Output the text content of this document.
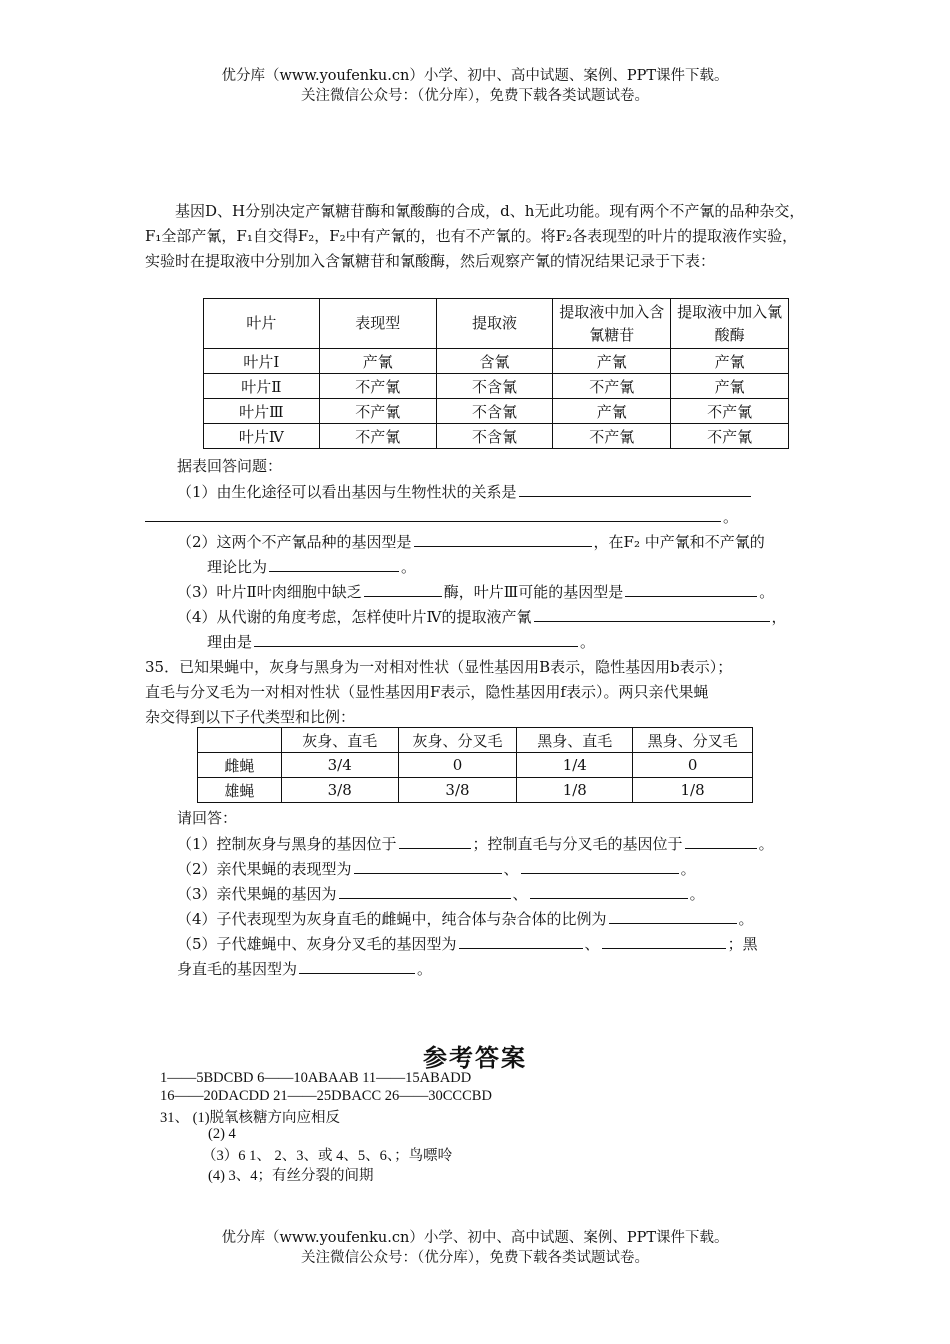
优分库（www.youfenku.cn）小学、初中、高中试题、案例、PPT课件下载。
关注微信公众号：（优分库），免费下载各类试题试卷。
基因D、H分别决定产氰糖苷酶和氰酸酶的合成，d、h无此功能。现有两个不产氰的品种杂交，F₁全部产氰，F₁自交得F₂，F₂中有产氰的，也有不产氰的。将F₂各表现型的叶片的提取液作实验，实验时在提取液中分别加入含氰糖苷和氰酸酶，然后观察产氰的情况结果记录于下表：
叶片	表现型	提取液	提取液中加入含氰糖苷	提取液中加入氰酸酶
叶片Ⅰ	产氰	含氰	产氰	产氰
叶片Ⅱ	不产氰	不含氰	不产氰	产氰
叶片Ⅲ	不产氰	不含氰	产氰	不产氰
叶片Ⅳ	不产氰	不含氰	不产氰	不产氰
据表回答问题：
（1）由生化途径可以看出基因与生物性状的关系是
。
（2）这两个不产氰品种的基因型是	，在F₂ 中产氰和不产氰的
理论比为	。
（3）叶片Ⅱ叶肉细胞中缺乏	酶，叶片Ⅲ可能的基因型是	。
（4）从代谢的角度考虑，怎样使叶片Ⅳ的提取液产氰	，
理由是	。
35．已知果蝇中，灰身与黑身为一对相对性状（显性基因用B表示，隐性基因用b表示）；
直毛与分叉毛为一对相对性状（显性基因用F表示，隐性基因用f表示）。两只亲代果蝇
杂交得到以下子代类型和比例：
	灰身、直毛	灰身、分叉毛	黑身、直毛	黑身、分叉毛
雌蝇	3/4	0	1/4	0
雄蝇	3/8	3/8	1/8	1/8
请回答：
（1）控制灰身与黑身的基因位于	；控制直毛与分叉毛的基因位于	。
（2）亲代果蝇的表现型为	、	。
（3）亲代果蝇的基因为	、	。
（4）子代表现型为灰身直毛的雌蝇中，纯合体与杂合体的比例为	。
（5）子代雄蝇中、灰身分叉毛的基因型为	、	；黑
身直毛的基因型为	。
参考答案
1——5BDCBD 6——10ABAAB 11——15ABADD
16——20DACDD 21——25DBACC 26——30CCCBD
31、 (1)脱氧核糖方向应相反
(2) 4
（3）6 1、 2、3、或 4、5、6、；鸟嘌呤
(4) 3、4；有丝分裂的间期
优分库（www.youfenku.cn）小学、初中、高中试题、案例、PPT课件下载。
关注微信公众号：（优分库），免费下载各类试题试卷。
